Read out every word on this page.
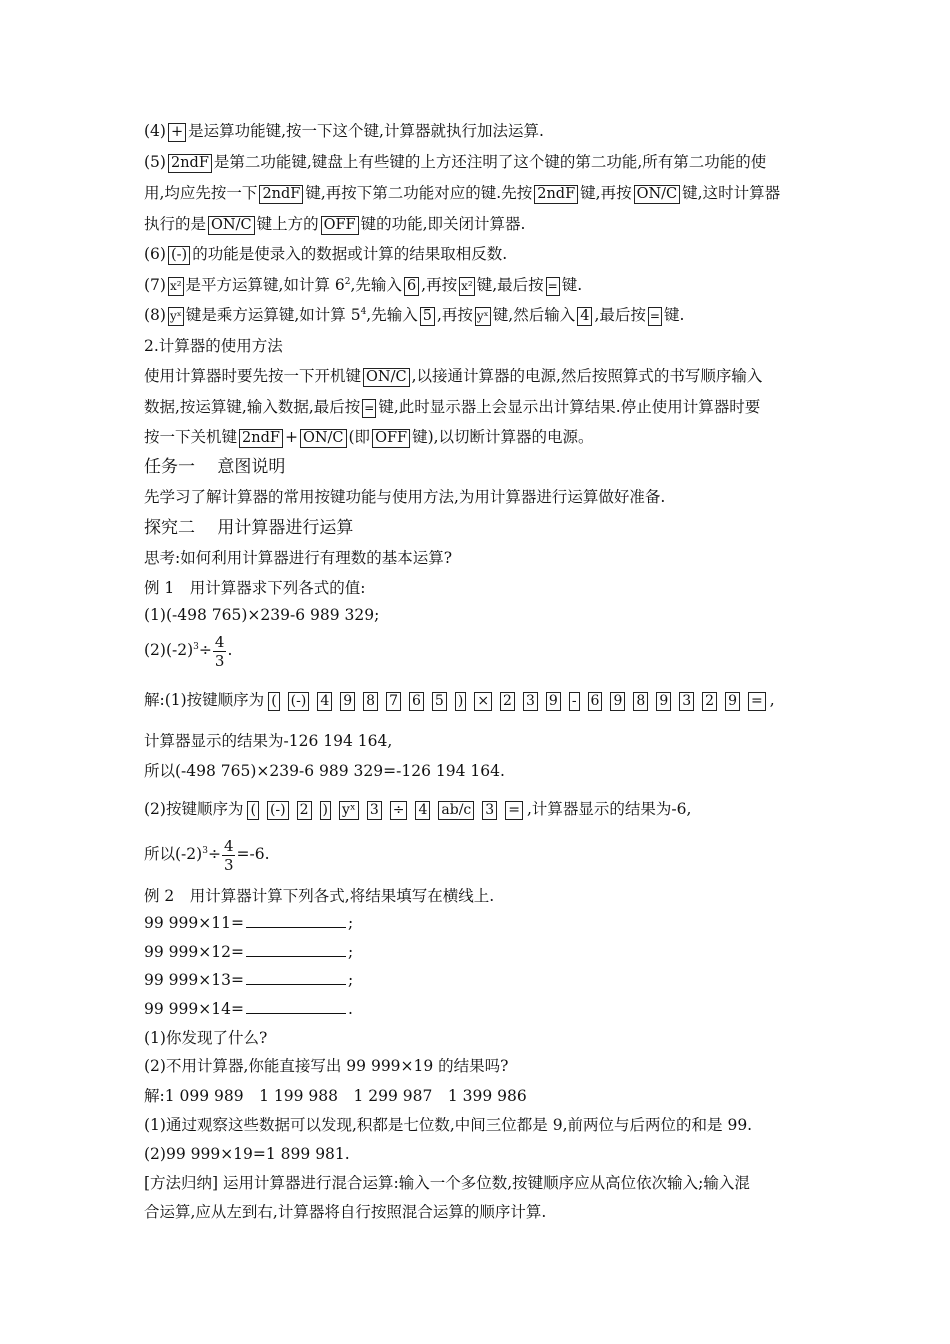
(4) + 是运算功能键,按一下这个键,计算器就执行加法运算.
(5) 2ndF 是第二功能键,键盘上有些键的上方还注明了这个键的第二功能,所有第二功能的使
用,均应先按一下 2ndF 键,再按下第二功能对应的键.先按 2ndF 键,再按 ON/C 键,这时计算器
执行的是 ON/C 键上方的 OFF 键的功能,即关闭计算器.
(6) (-) 的功能是使录入的数据或计算的结果取相反数.
(7) x² 是平方运算键,如计算 $6^2$,先输入 6 ,再按 x² 键,最后按 = 键.
(8) yˣ 键是乘方运算键,如计算 $5^4$,先输入 5 ,再按 yˣ 键,然后输入 4 ,最后按 = 键.
2.计算器的使用方法
使用计算器时要先按一下开机键 ON/C ,以接通计算器的电源,然后按照算式的书写顺序输入
数据,按运算键,输入数据,最后按 = 键,此时显示器上会显示出计算结果.停止使用计算器时要
按一下关机键 2ndF + ON/C (即 OFF 键),以切断计算器的电源。
任务一　 意图说明
先学习了解计算器的常用按键功能与使用方法,为用计算器进行运算做好准备.
探究二　 用计算器进行运算
思考:如何利用计算器进行有理数的基本运算?
例 1　用计算器求下列各式的值:
(1)(-498 765)×239-6 989 329;
$(2)(-2)^3\div \frac{4}{3}$ .
解:(1)按键顺序为 ( (-) 4 9 8 7 6 5 ) × 2 3 9 - 6 9 8 9 3 2 9 = ,
计算器显示的结果为-126 194 164,
所以(-498 765)×239-6 989 329=-126 194 164.
(2)按键顺序为 ( (-) 2 ) yˣ 3 ÷ 4 ab/c 3 = ,计算器显示的结果为-6,
所以$(-2)^3\div \frac{4}{3} =-6$.
例 2　用计算器计算下列各式,将结果填写在横线上.
99 999×11=	;
99 999×12=	;
99 999×13=	;
99 999×14=	.
(1)你发现了什么?
(2)不用计算器,你能直接写出 99 999×19 的结果吗?
解:1 099 989　1 199 988　1 299 987　1 399 986
(1)通过观察这些数据可以发现,积都是七位数,中间三位都是 9,前两位与后两位的和是 99.
(2)99 999×19=1 899 981.
[方法归纳] 运用计算器进行混合运算:输入一个多位数,按键顺序应从高位依次输入;输入混
合运算,应从左到右,计算器将自行按照混合运算的顺序计算.
